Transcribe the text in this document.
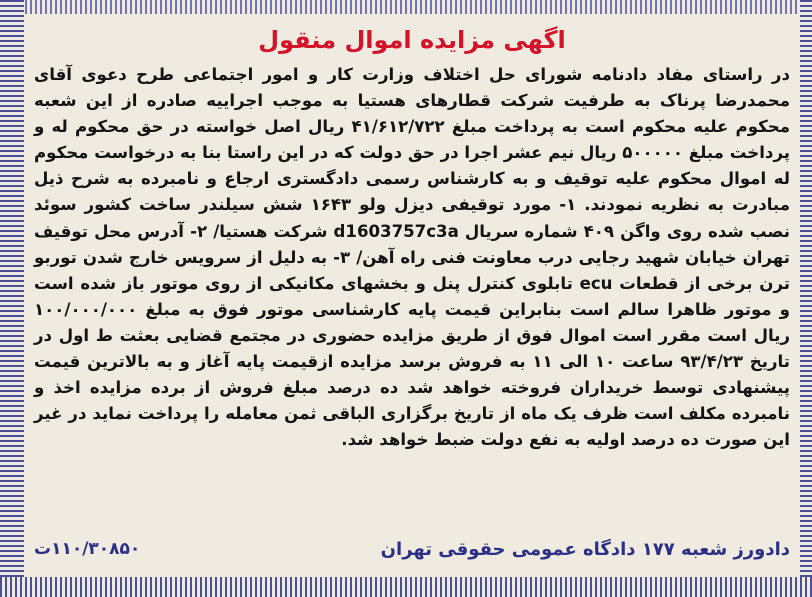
اگهی مزایده اموال منقول

در راستای مفاد دادنامه شورای حل اختلاف وزارت کار و امور اجتماعی طرح دعوی آقای محمدرضا پرناک به طرفیت شرکت قطارهای هستیا به موجب اجراییه صادره از این شعبه محکوم علیه محکوم است به پرداخت مبلغ ۴۱/۶۱۲/۷۲۲ ریال اصل خواسته در حق محکوم له و پرداخت مبلغ ۵۰۰۰۰۰ ریال نیم عشر اجرا در حق دولت که در این راستا بنا به درخواست محکوم له اموال محکوم علیه توقیف و به کارشناس رسمی دادگستری ارجاع و نامبرده به شرح ذیل مبادرت به نظریه نمودند. ۱- مورد توقیفی دیزل ولو ۱۶۴۳ شش سیلندر ساخت کشور سوئد نصب شده روی واگن ۴۰۹ شماره سریال d1603757c3a شرکت هستیا/ ۲- آدرس محل توقیف تهران خیابان شهید رجایی درب معاونت فنی راه آهن/ ۳- به دلیل از سرویس خارج شدن توربو ترن برخی از قطعات ecu تابلوی کنترل پنل و بخشهای مکانیکی از روی موتور باز شده است و موتور ظاهرا سالم است بنابراین قیمت پایه کارشناسی موتور فوق به مبلغ ۱۰۰/۰۰۰/۰۰۰ ریال است مقرر است اموال فوق از طریق مزایده حضوری در مجتمع قضایی بعثت ط اول در تاریخ ۹۳/۴/۲۳ ساعت ۱۰ الی ۱۱ به فروش برسد مزایده ازقیمت پایه آغاز و به بالاترین قیمت پیشنهادی توسط خریداران فروخته خواهد شد ده درصد مبلغ فروش از برده مزایده اخذ و نامبرده مکلف است ظرف یک ماه از تاریخ برگزاری الباقی ثمن معامله را پرداخت نماید در غیر این صورت ده درصد اولیه به نفع دولت ضبط خواهد شد.

دادورز شعبه ۱۷۷ دادگاه عمومی حقوقی تهران
۱۱۰/۳۰۸۵۰ت
